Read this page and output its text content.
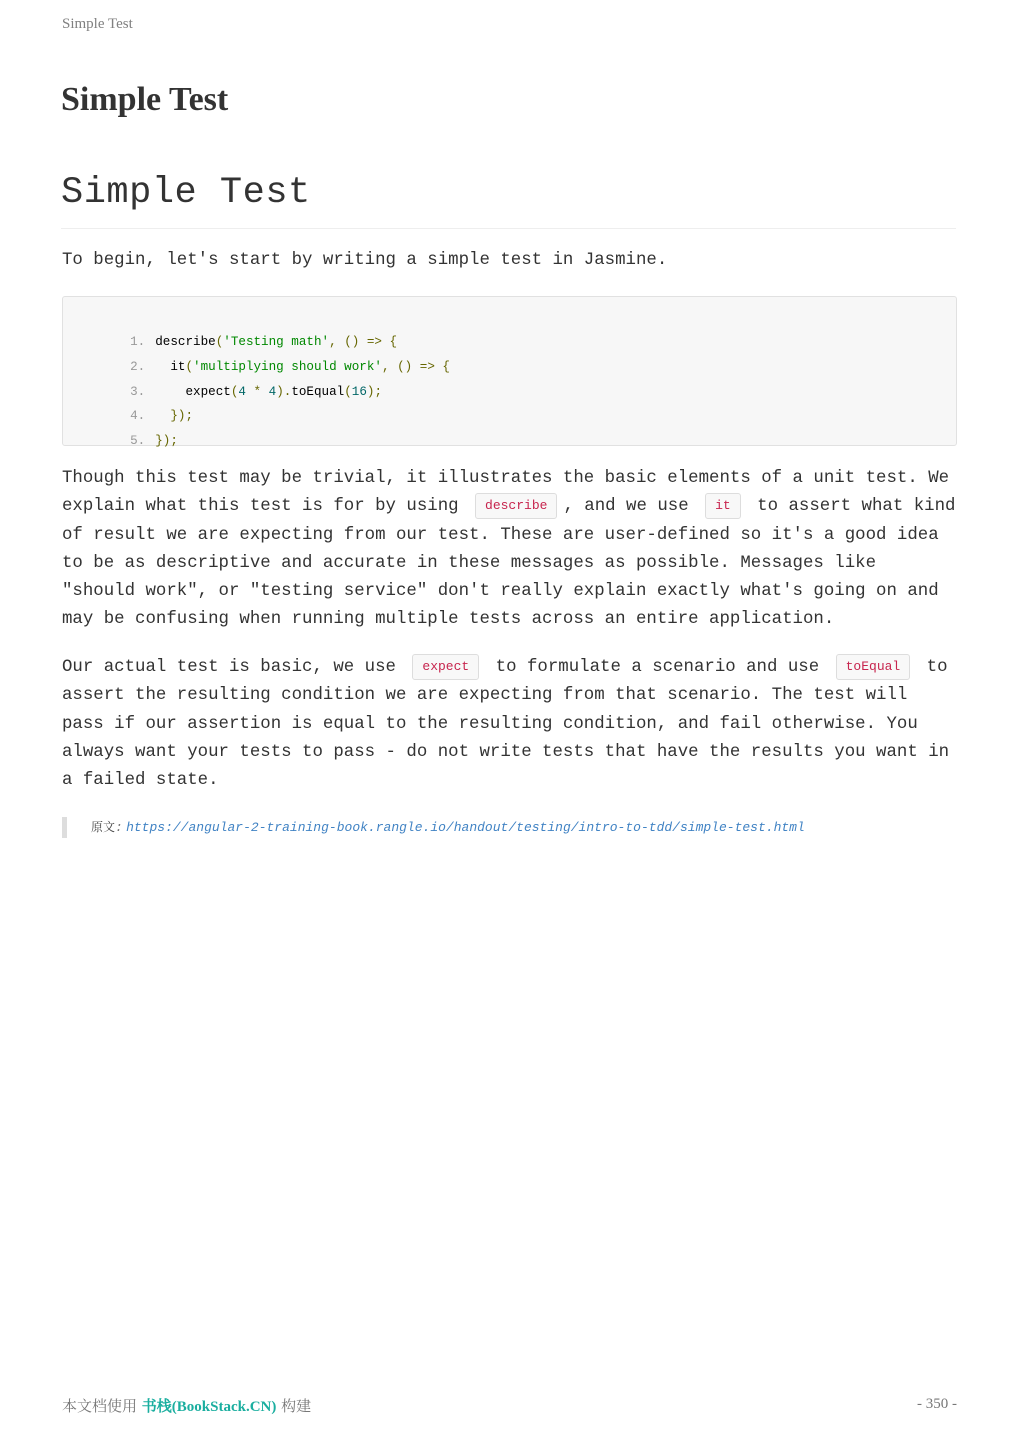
Simple Test
Simple Test
Simple Test

To begin, let's start by writing a simple test in Jasmine.

1. describe('Testing math', () => {

2.  it('multiplying should work', () => {

3.    expect(4 * 4).toEqual(16);

4.  });

5. });

Though this test may be trivial, it illustrates the basic elements of a unit test. We explain what this test is for by using describe , and we use it to assert what kind of result we are expecting from our test. These are user-defined so it's a good idea to be as descriptive and accurate in these messages as possible. Messages like "should work", or "testing service" don't really explain exactly what's going on and may be confusing when running multiple tests across an entire application.

Our actual test is basic, we use expect to formulate a scenario and use toEqual to assert the resulting condition we are expecting from that scenario. The test will pass if our assertion is equal to the resulting condition, and fail otherwise. You always want your tests to pass - do not write tests that have the results you want in a failed state.

原文: https://angular-2-training-book.rangle.io/handout/testing/intro-to-tdd/simple-test.html
本文档使用 书栈(BookStack.CN) 构建	- 350 -
